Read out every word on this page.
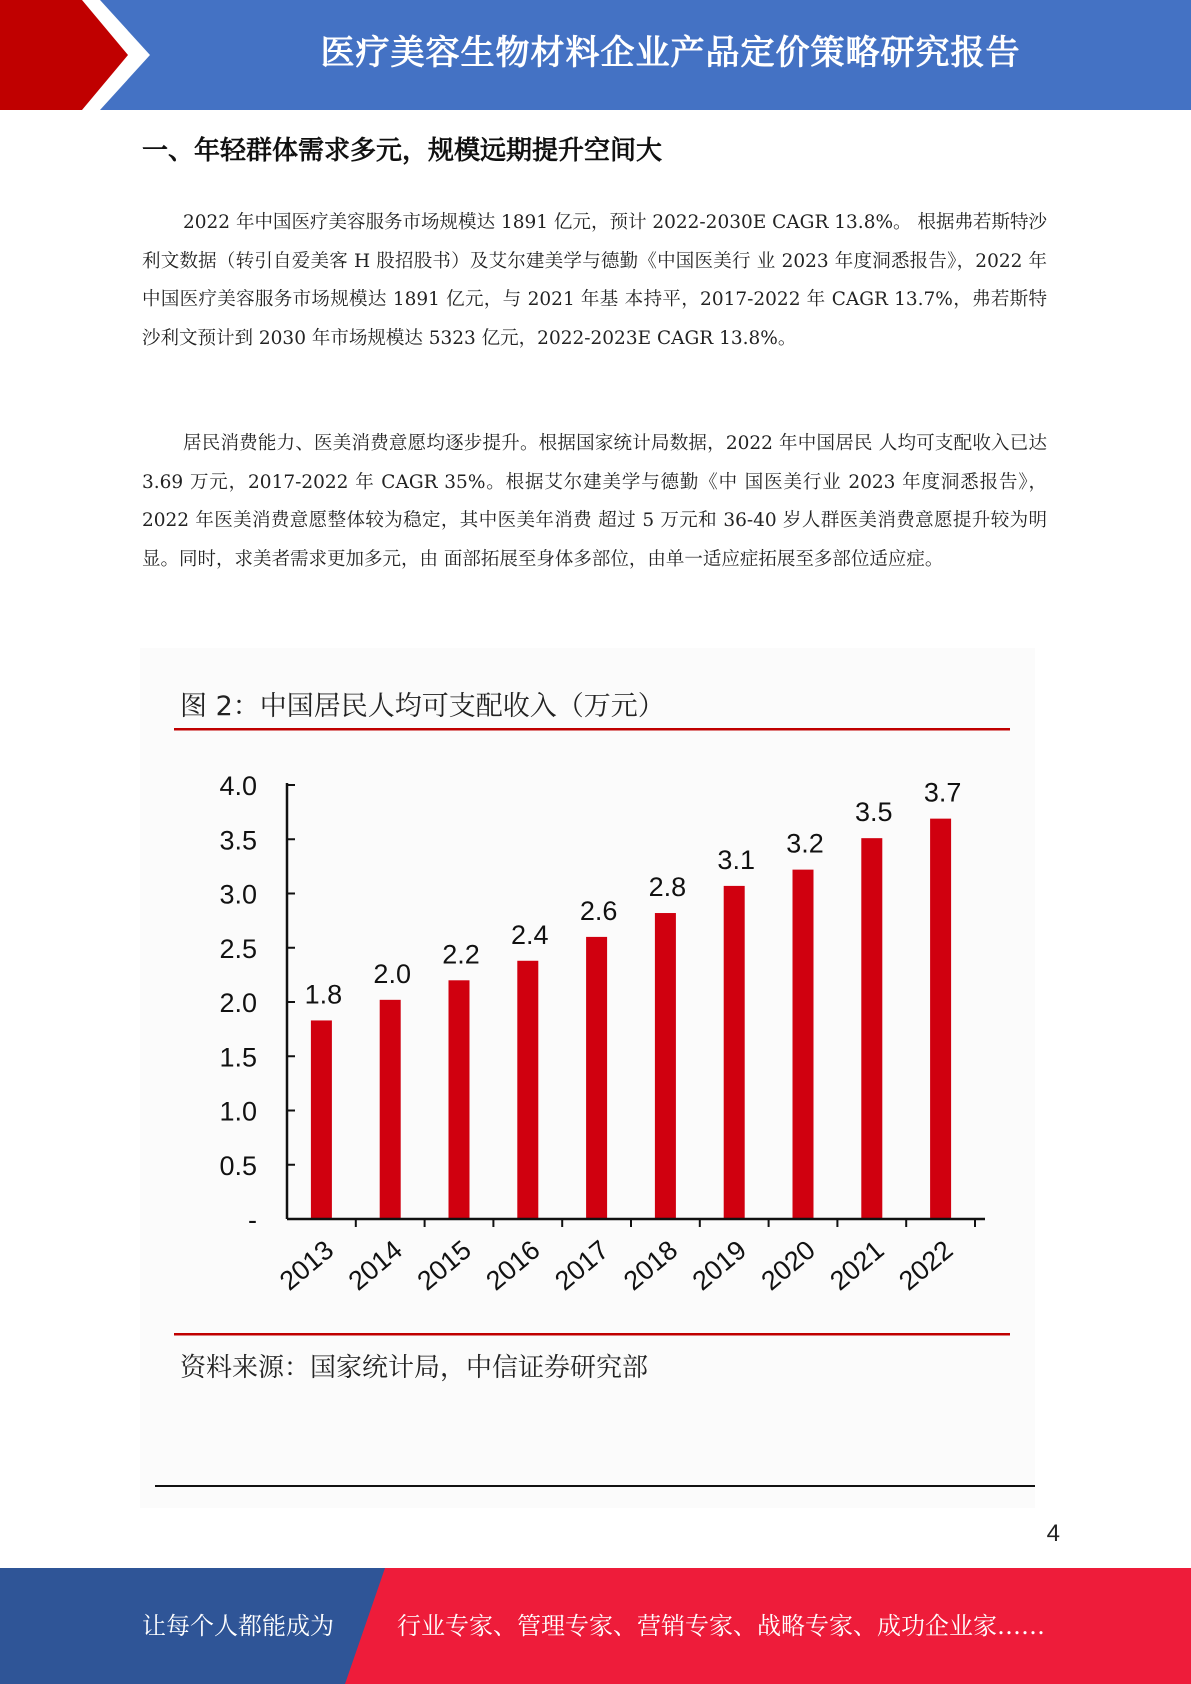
医疗美容生物材料企业产品定价策略研究报告
一、年轻群体需求多元，规模远期提升空间大
2022 年中国医疗美容服务市场规模达 1891 亿元，预计 2022-2030E CAGR 13.8%。 根据弗若斯特沙利文数据（转引自爱美客 H 股招股书）及艾尔建美学与德勤《中国医美行 业 2023 年度洞悉报告》，2022 年中国医疗美容服务市场规模达 1891 亿元，与 2021 年基 本持平，2017-2022 年 CAGR 13.7%，弗若斯特沙利文预计到 2030 年市场规模达 5323 亿元，2022-2023E CAGR 13.8%。
居民消费能力、医美消费意愿均逐步提升。根据国家统计局数据，2022 年中国居民 人均可支配收入已达 3.69 万元，2017-2022 年 CAGR 35%。根据艾尔建美学与德勤《中 国医美行业 2023 年度洞悉报告》，2022 年医美消费意愿整体较为稳定，其中医美年消费 超过 5 万元和 36-40 岁人群医美消费意愿提升较为明显。同时，求美者需求更加多元，由 面部拓展至身体多部位，由单一适应症拓展至多部位适应症。
图 2：中国居民人均可支配收入（万元）
-
0.5
1.0
1.5
2.0
2.5
3.0
3.5
4.0
1.8
2.0
2.2
2.4
2.6
2.8
3.1
3.2
3.5
3.7
2013 2014 2015 2016 2017 2018 2019 2020 2021 2022
资料来源：国家统计局，中信证券研究部
4
让每个人都能成为	行业专家、管理专家、营销专家、战略专家、成功企业家……
